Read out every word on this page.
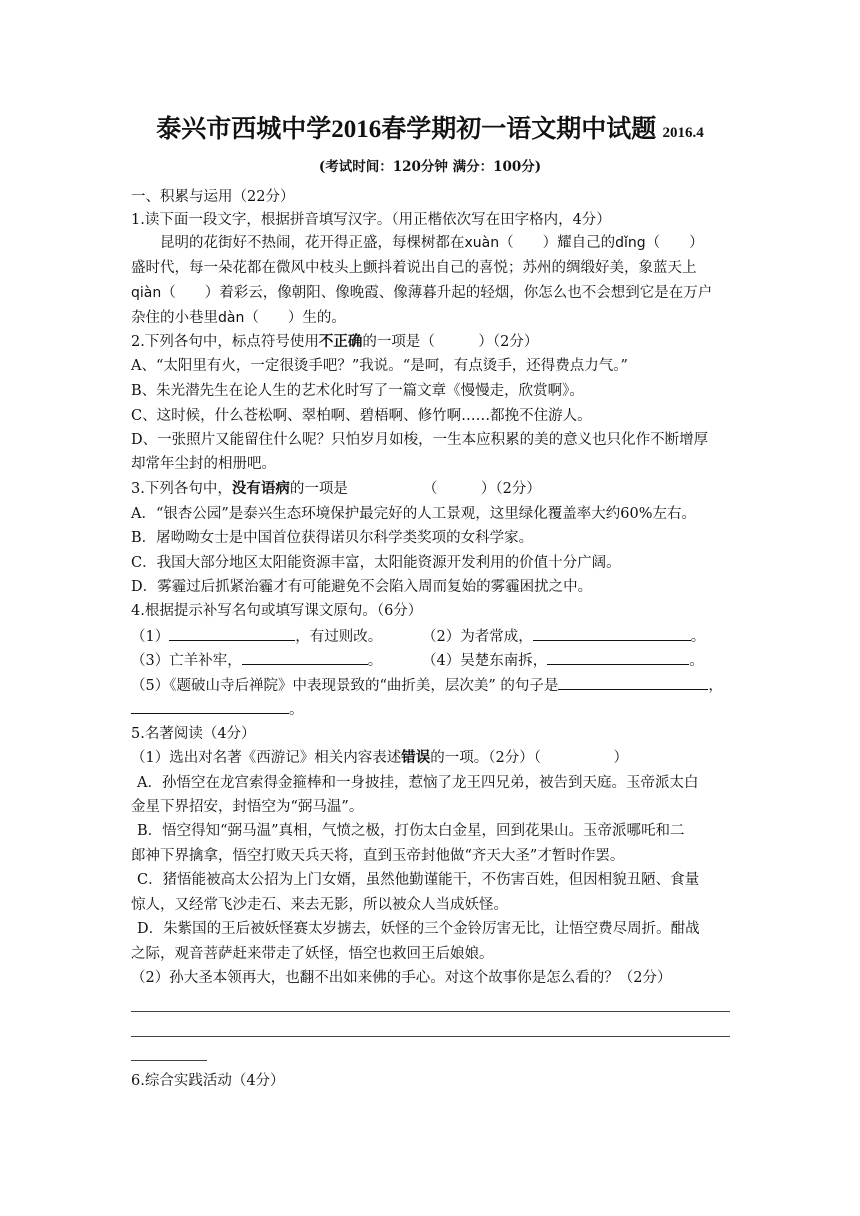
泰兴市西城中学2016春学期初一语文期中试题 2016.4
(考试时间：120分钟 满分：100分)
一、积累与运用（22分）
1.读下面一段文字，根据拼音填写汉字。（用正楷依次写在田字格内，4分）
昆明的花街好不热闹，花开得正盛，每棵树都在xuàn（　　）耀自己的dǐng（　　）
盛时代，每一朵花都在微风中枝头上颤抖着说出自己的喜悦；苏州的绸缎好美，象蓝天上
qiàn（　　）着彩云，像朝阳、像晚霞、像薄暮升起的轻烟，你怎么也不会想到它是在万户
杂住的小巷里dàn（　　）生的。
2.下列各句中，标点符号使用不正确的一项是（　　　）（2分）
A、“太阳里有火，一定很烫手吧？”我说。“是呵，有点烫手，还得费点力气。”
B、朱光潜先生在论人生的艺术化时写了一篇文章《慢慢走，欣赏啊》。
C、这时候，什么苍松啊、翠柏啊、碧梧啊、修竹啊……都挽不住游人。
D、一张照片又能留住什么呢？只怕岁月如梭，一生本应积累的美的意义也只化作不断增厚
却常年尘封的相册吧。
3.下列各句中，没有语病的一项是	（　　　）（2分）
A．“银杏公园”是泰兴生态环境保护最完好的人工景观，这里绿化覆盖率大约60%左右。
B．屠呦呦女士是中国首位获得诺贝尔科学类奖项的女科学家。
C．我国大部分地区太阳能资源丰富，太阳能资源开发利用的价值十分广阔。
D．雾霾过后抓紧治霾才有可能避免不会陷入周而复始的雾霾困扰之中。
4.根据提示补写名句或填写课文原句。（6分）
（1）	，有过则改。	（2）为者常成，	。
（3）亡羊补牢，	。	（4）吴楚东南拆，	。
（5）《题破山寺后禅院》中表现景致的“曲折美，层次美” 的句子是	，
。
5.名著阅读（4分）
（1）选出对名著《西游记》相关内容表述错误的一项。（2分）（　　　　　）
A．孙悟空在龙宫索得金箍棒和一身披挂，惹恼了龙王四兄弟，被告到天庭。玉帝派太白
金星下界招安，封悟空为“弼马温”。
B．悟空得知“弼马温”真相，气愤之极，打伤太白金星，回到花果山。玉帝派哪吒和二
郎神下界擒拿，悟空打败天兵天将，直到玉帝封他做“齐天大圣”才暂时作罢。
C．猪悟能被高太公招为上门女婿，虽然他勤谨能干，不伤害百姓，但因相貌丑陋、食量
惊人，又经常飞沙走石、来去无影，所以被众人当成妖怪。
D．朱紫国的王后被妖怪赛太岁掳去，妖怪的三个金铃厉害无比，让悟空费尽周折。酣战
之际，观音菩萨赶来带走了妖怪，悟空也救回王后娘娘。
（2）孙大圣本领再大，也翻不出如来佛的手心。对这个故事你是怎么看的？（2分）
6.综合实践活动（4分）
